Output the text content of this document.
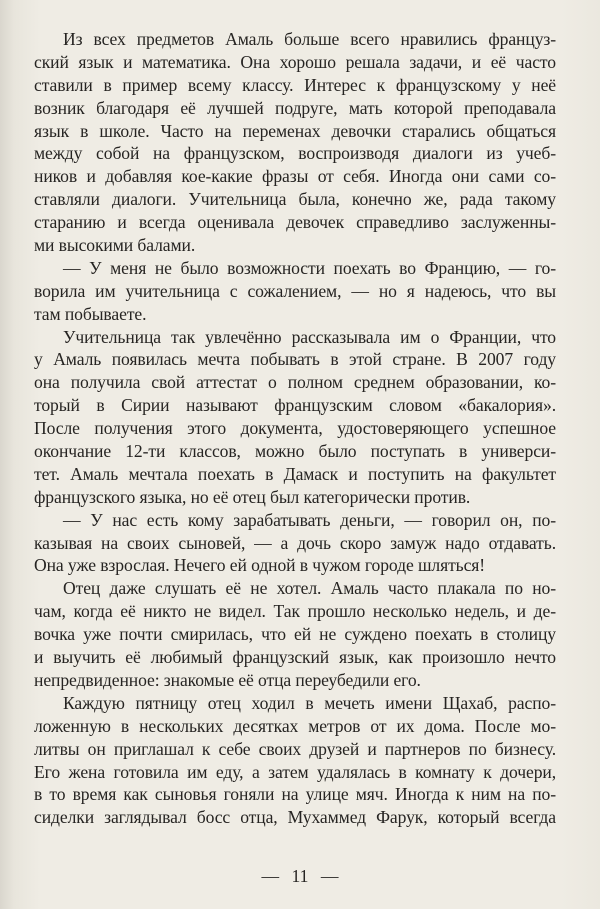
Из всех предметов Амаль больше всего нравились француз-
ский язык и математика. Она хорошо решала задачи, и её часто
ставили в пример всему классу. Интерес к французскому у неё
возник благодаря её лучшей подруге, мать которой преподавала
язык в школе. Часто на переменах девочки старались общаться
между собой на французском, воспроизводя диалоги из учеб-
ников и добавляя кое-какие фразы от себя. Иногда они сами со-
ставляли диалоги. Учительница была, конечно же, рада такому
старанию и всегда оценивала девочек справедливо заслуженны-
ми высокими балами.
— У меня не было возможности поехать во Францию, — го-
ворила им учительница с сожалением, — но я надеюсь, что вы
там побываете.
Учительница так увлечённо рассказывала им о Франции, что
у Амаль появилась мечта побывать в этой стране. В 2007 году
она получила свой аттестат о полном среднем образовании, ко-
торый в Сирии называют французским словом «бакалория».
После получения этого документа, удостоверяющего успешное
окончание 12-ти классов, можно было поступать в универси-
тет. Амаль мечтала поехать в Дамаск и поступить на факультет
французского языка, но её отец был категорически против.
— У нас есть кому зарабатывать деньги, — говорил он, по-
казывая на своих сыновей, — а дочь скоро замуж надо отдавать.
Она уже взрослая. Нечего ей одной в чужом городе шляться!
Отец даже слушать её не хотел. Амаль часто плакала по но-
чам, когда её никто не видел. Так прошло несколько недель, и де-
вочка уже почти смирилась, что ей не суждено поехать в столицу
и выучить её любимый французский язык, как произошло нечто
непредвиденное: знакомые её отца переубедили его.
Каждую пятницу отец ходил в мечеть имени Щахаб, распо-
ложенную в нескольких десятках метров от их дома. После мо-
литвы он приглашал к себе своих друзей и партнеров по бизнесу.
Его жена готовила им еду, а затем удалялась в комнату к дочери,
в то время как сыновья гоняли на улице мяч. Иногда к ним на по-
сиделки заглядывал босс отца, Мухаммед Фарук, который всегда
— 11 —
